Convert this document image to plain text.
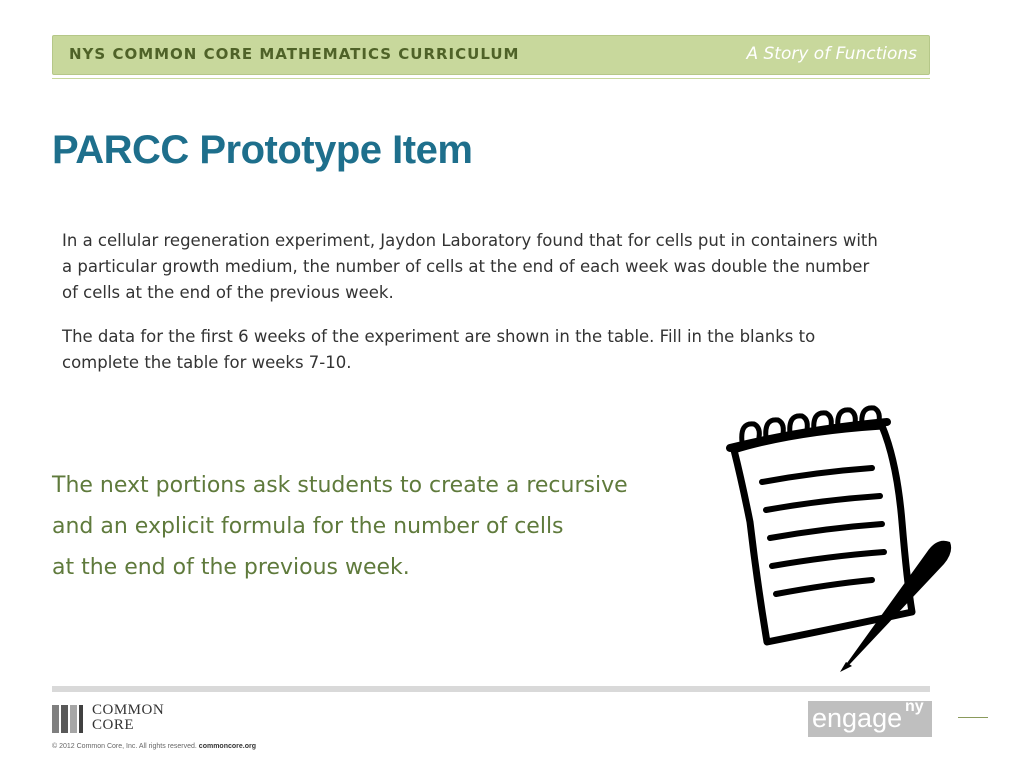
NYS COMMON CORE MATHEMATICS CURRICULUM	A Story of Functions
PARCC Prototype Item

In a cellular regeneration experiment, Jaydon Laboratory found that for cells put in containers with
a particular growth medium, the number of cells at the end of each week was double the number
of cells at the end of the previous week.

The data for the first 6 weeks of the experiment are shown in the table. Fill in the blanks to
complete the table for weeks 7-10.

The next portions ask students to create a recursive
and an explicit formula for the number of cells
at the end of the previous week.
COMMON
CORE
© 2012 Common Core, Inc. All rights reserved. commoncore.org
engage ny
